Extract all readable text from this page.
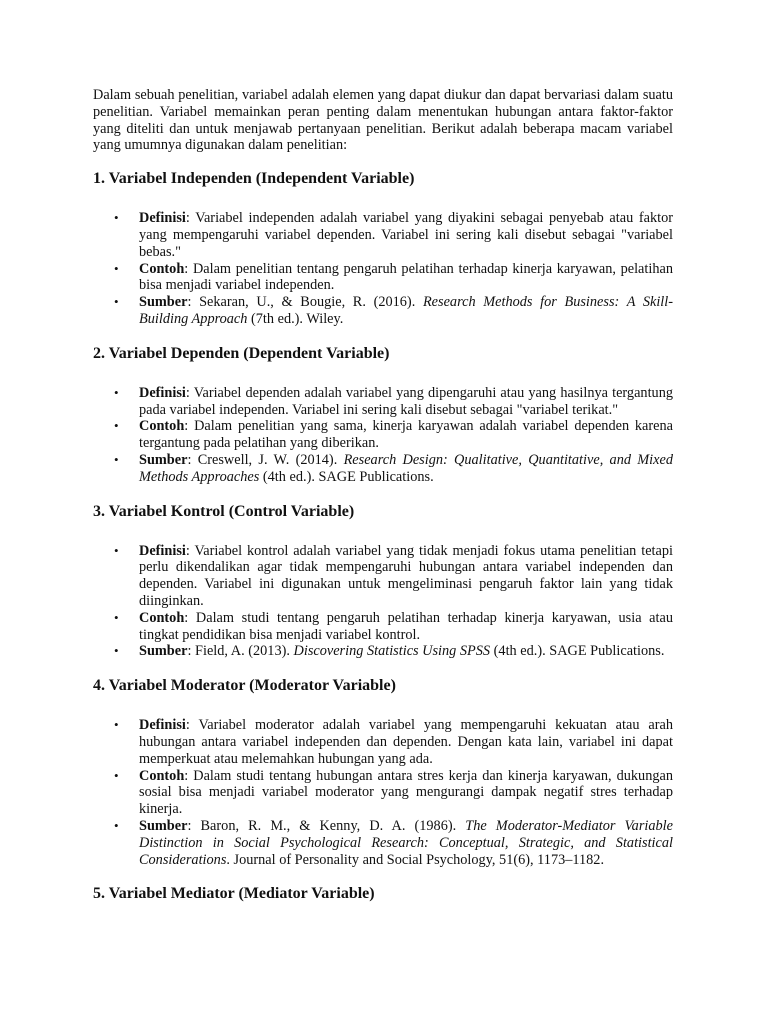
Dalam sebuah penelitian, variabel adalah elemen yang dapat diukur dan dapat bervariasi dalam suatu penelitian. Variabel memainkan peran penting dalam menentukan hubungan antara faktor-faktor yang diteliti dan untuk menjawab pertanyaan penelitian. Berikut adalah beberapa macam variabel yang umumnya digunakan dalam penelitian:

1. Variabel Independen (Independent Variable)
• Definisi: Variabel independen adalah variabel yang diyakini sebagai penyebab atau faktor yang mempengaruhi variabel dependen. Variabel ini sering kali disebut sebagai "variabel bebas."
• Contoh: Dalam penelitian tentang pengaruh pelatihan terhadap kinerja karyawan, pelatihan bisa menjadi variabel independen.
• Sumber: Sekaran, U., & Bougie, R. (2016). Research Methods for Business: A Skill-Building Approach (7th ed.). Wiley.
2. Variabel Dependen (Dependent Variable)
• Definisi: Variabel dependen adalah variabel yang dipengaruhi atau yang hasilnya tergantung pada variabel independen. Variabel ini sering kali disebut sebagai "variabel terikat."
• Contoh: Dalam penelitian yang sama, kinerja karyawan adalah variabel dependen karena tergantung pada pelatihan yang diberikan.
• Sumber: Creswell, J. W. (2014). Research Design: Qualitative, Quantitative, and Mixed Methods Approaches (4th ed.). SAGE Publications.
3. Variabel Kontrol (Control Variable)
• Definisi: Variabel kontrol adalah variabel yang tidak menjadi fokus utama penelitian tetapi perlu dikendalikan agar tidak mempengaruhi hubungan antara variabel independen dan dependen. Variabel ini digunakan untuk mengeliminasi pengaruh faktor lain yang tidak diinginkan.
• Contoh: Dalam studi tentang pengaruh pelatihan terhadap kinerja karyawan, usia atau tingkat pendidikan bisa menjadi variabel kontrol.
• Sumber: Field, A. (2013). Discovering Statistics Using SPSS (4th ed.). SAGE Publications.
4. Variabel Moderator (Moderator Variable)
• Definisi: Variabel moderator adalah variabel yang mempengaruhi kekuatan atau arah hubungan antara variabel independen dan dependen. Dengan kata lain, variabel ini dapat memperkuat atau melemahkan hubungan yang ada.
• Contoh: Dalam studi tentang hubungan antara stres kerja dan kinerja karyawan, dukungan sosial bisa menjadi variabel moderator yang mengurangi dampak negatif stres terhadap kinerja.
• Sumber: Baron, R. M., & Kenny, D. A. (1986). The Moderator-Mediator Variable Distinction in Social Psychological Research: Conceptual, Strategic, and Statistical Considerations. Journal of Personality and Social Psychology, 51(6), 1173–1182.
5. Variabel Mediator (Mediator Variable)
